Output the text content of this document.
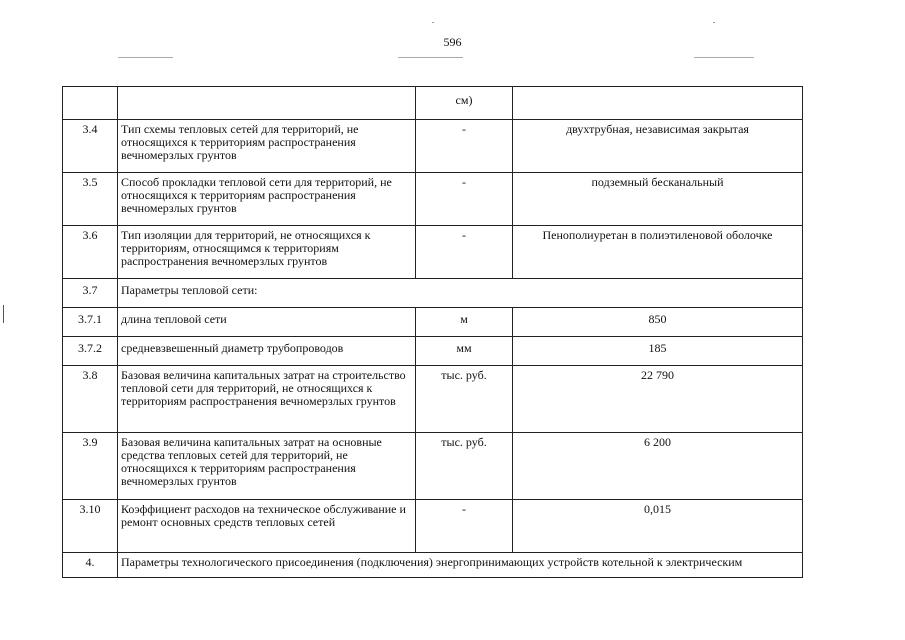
596
		см)	
3.4	Тип схемы тепловых сетей для территорий, не относящихся к территориям распространения вечномерзлых грунтов	-	двухтрубная, независимая закрытая
3.5	Способ прокладки тепловой сети для территорий, не относящихся к территориям распространения вечномерзлых грунтов	-	подземный бесканальный
3.6	Тип изоляции для территорий, не относящихся к территориям, относящимся к территориям распространения вечномерзлых грунтов	-	Пенополиуретан в полиэтиленовой оболочке
3.7	Параметры тепловой сети:		
3.7.1	длина тепловой сети	м	850
3.7.2	средневзвешенный диаметр трубопроводов	мм	185
3.8	Базовая величина капитальных затрат на строительство тепловой сети для территорий, не относящихся к территориям распространения вечномерзлых грунтов	тыс. руб.	22 790
3.9	Базовая величина капитальных затрат на основные средства тепловых сетей для территорий, не относящихся к территориям распространения вечномерзлых грунтов	тыс. руб.	6 200
3.10	Коэффициент расходов на техническое обслуживание и ремонт основных средств тепловых сетей	-	0,015
4.	Параметры технологического присоединения (подключения) энергопринимающих устройств котельной к электрическим		
